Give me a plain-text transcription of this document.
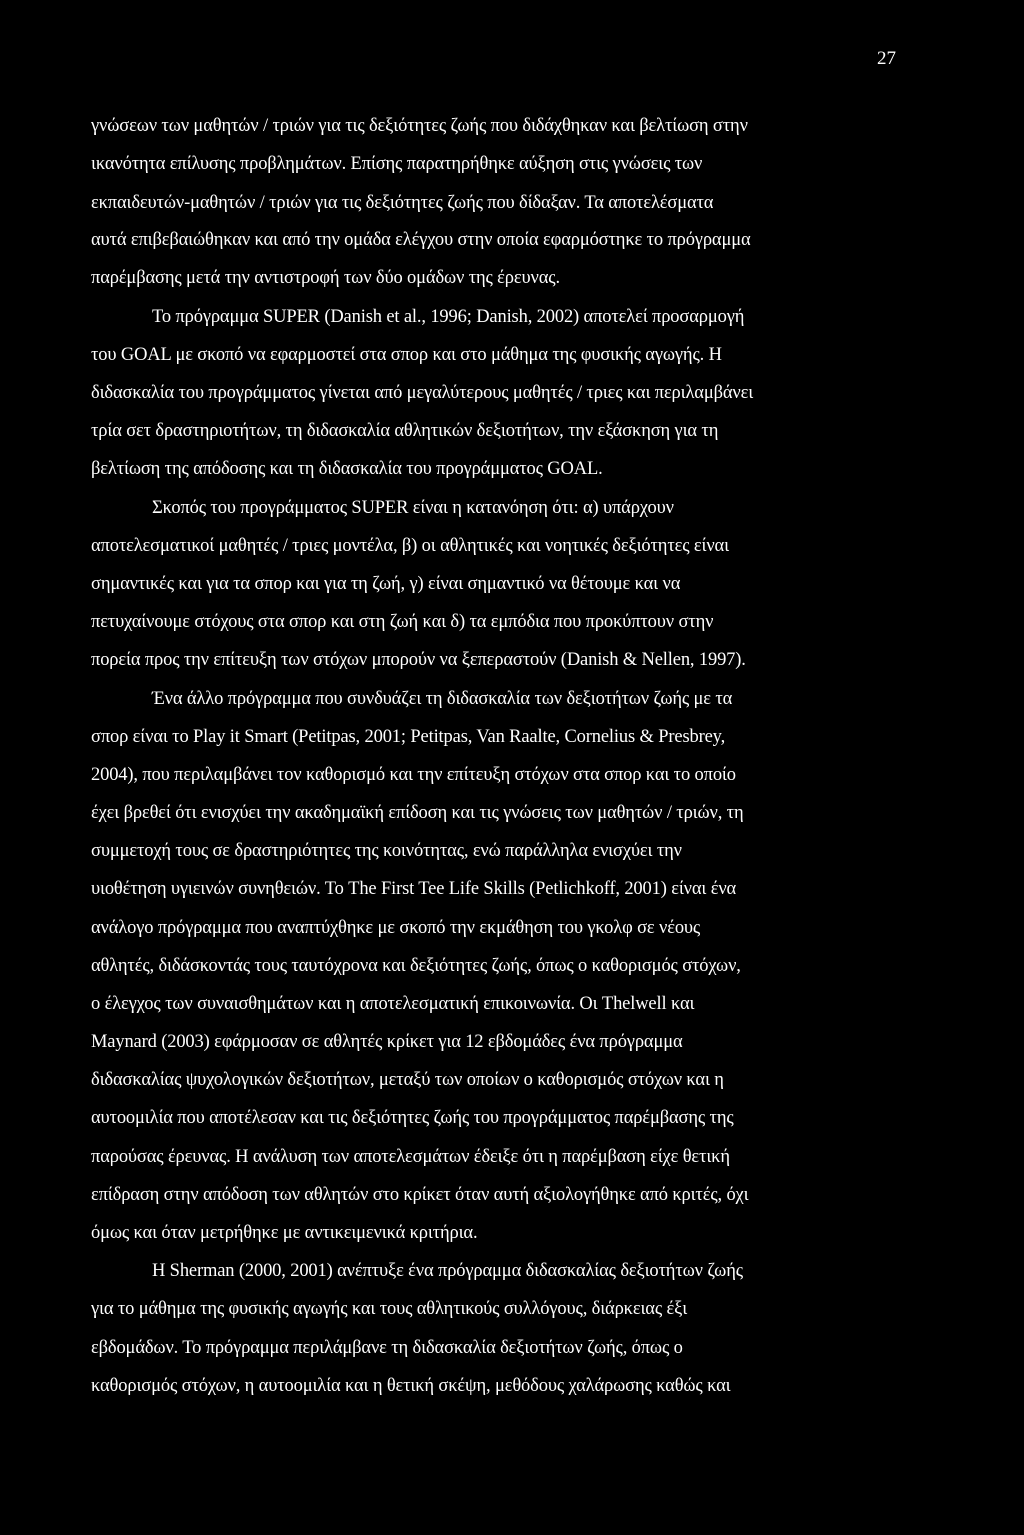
27
γνώσεων των μαθητών / τριών για τις δεξιότητες ζωής που διδάχθηκαν και βελτίωση στην
ικανότητα επίλυσης προβλημάτων. Επίσης παρατηρήθηκε αύξηση στις γνώσεις των
εκπαιδευτών-μαθητών / τριών για τις δεξιότητες ζωής που δίδαξαν. Τα αποτελέσματα
αυτά επιβεβαιώθηκαν και από την ομάδα ελέγχου στην οποία εφαρμόστηκε το πρόγραμμα
παρέμβασης μετά την αντιστροφή των δύο ομάδων της έρευνας.
Το πρόγραμμα SUPER (Danish et al., 1996; Danish, 2002) αποτελεί προσαρμογή
του GOAL με σκοπό να εφαρμοστεί στα σπορ και στο μάθημα της φυσικής αγωγής. Η
διδασκαλία του προγράμματος γίνεται από μεγαλύτερους μαθητές / τριες και περιλαμβάνει
τρία σετ δραστηριοτήτων, τη διδασκαλία αθλητικών δεξιοτήτων, την εξάσκηση για τη
βελτίωση της απόδοσης και τη διδασκαλία του προγράμματος GOAL.
Σκοπός του προγράμματος SUPER είναι η κατανόηση ότι: α) υπάρχουν
αποτελεσματικοί μαθητές / τριες μοντέλα, β) οι αθλητικές και νοητικές δεξιότητες είναι
σημαντικές και για τα σπορ και για τη ζωή, γ) είναι σημαντικό να θέτουμε και να
πετυχαίνουμε στόχους στα σπορ και στη ζωή και δ) τα εμπόδια που προκύπτουν στην
πορεία προς την επίτευξη των στόχων μπορούν να ξεπεραστούν (Danish & Nellen, 1997).
Ένα άλλο πρόγραμμα που συνδυάζει τη διδασκαλία των δεξιοτήτων ζωής με τα
σπορ είναι το Play it Smart (Petitpas, 2001; Petitpas, Van Raalte, Cornelius & Presbrey,
2004), που περιλαμβάνει τον καθορισμό και την επίτευξη στόχων στα σπορ και το οποίο
έχει βρεθεί ότι ενισχύει την ακαδημαϊκή επίδοση και τις γνώσεις των μαθητών / τριών, τη
συμμετοχή τους σε δραστηριότητες της κοινότητας, ενώ παράλληλα ενισχύει την
υιοθέτηση υγιεινών συνηθειών. Το The First Tee Life Skills (Petlichkoff, 2001) είναι ένα
ανάλογο πρόγραμμα που αναπτύχθηκε με σκοπό την εκμάθηση του γκολφ σε νέους
αθλητές, διδάσκοντάς τους ταυτόχρονα και δεξιότητες ζωής, όπως ο καθορισμός στόχων,
ο έλεγχος των συναισθημάτων και η αποτελεσματική επικοινωνία. Οι Thelwell και
Maynard (2003) εφάρμοσαν σε αθλητές κρίκετ για 12 εβδομάδες ένα πρόγραμμα
διδασκαλίας ψυχολογικών δεξιοτήτων, μεταξύ των οποίων ο καθορισμός στόχων και η
αυτοομιλία που αποτέλεσαν και τις δεξιότητες ζωής του προγράμματος παρέμβασης της
παρούσας έρευνας. Η ανάλυση των αποτελεσμάτων έδειξε ότι η παρέμβαση είχε θετική
επίδραση στην απόδοση των αθλητών στο κρίκετ όταν αυτή αξιολογήθηκε από κριτές, όχι
όμως και όταν μετρήθηκε με αντικειμενικά κριτήρια.
Η Sherman (2000, 2001) ανέπτυξε ένα πρόγραμμα διδασκαλίας δεξιοτήτων ζωής
για το μάθημα της φυσικής αγωγής και τους αθλητικούς συλλόγους, διάρκειας έξι
εβδομάδων. Το πρόγραμμα περιλάμβανε τη διδασκαλία δεξιοτήτων ζωής, όπως ο
καθορισμός στόχων, η αυτοομιλία και η θετική σκέψη, μεθόδους χαλάρωσης καθώς και
